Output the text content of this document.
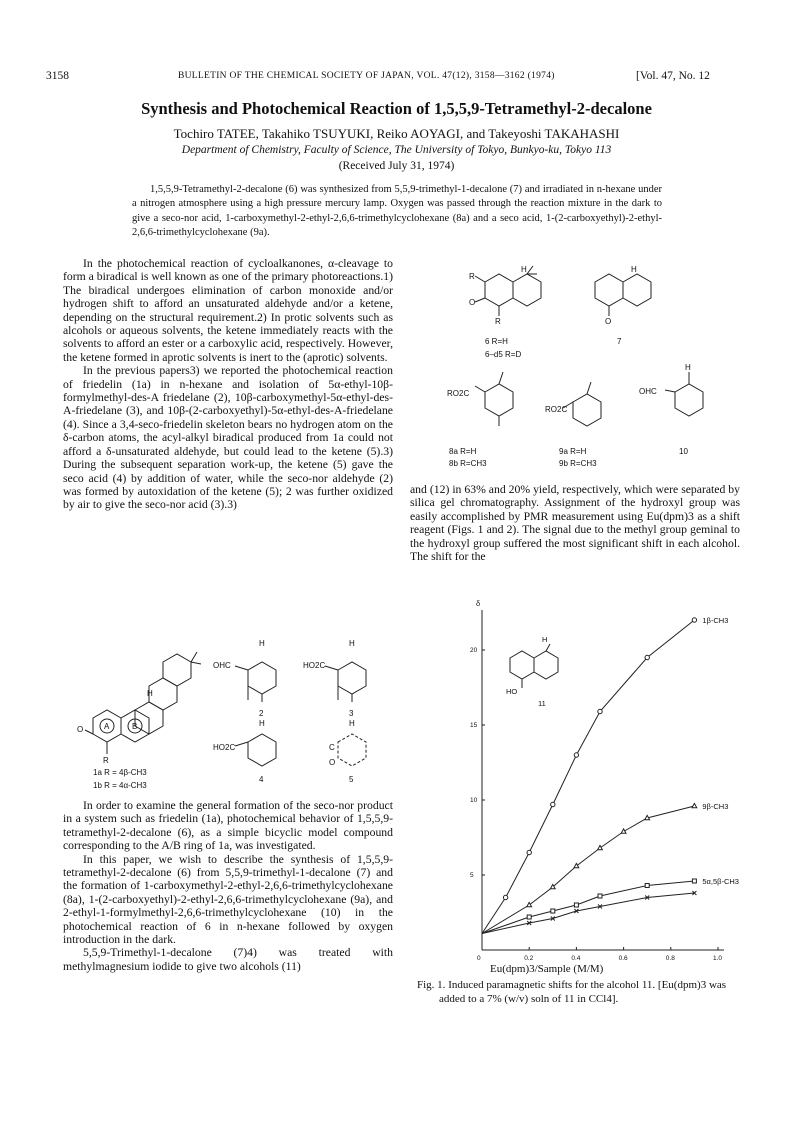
3158	BULLETIN OF THE CHEMICAL SOCIETY OF JAPAN, VOL. 47(12), 3158—3162 (1974)	[Vol. 47, No. 12
Synthesis and Photochemical Reaction of 1,5,5,9-Tetramethyl-2-decalone
Tochiro TATEE, Takahiko TSUYUKI, Reiko AOYAGI, and Takeyoshi TAKAHASHI
Department of Chemistry, Faculty of Science, The University of Tokyo, Bunkyo-ku, Tokyo 113
(Received July 31, 1974)

1,5,5,9-Tetramethyl-2-decalone (6) was synthesized from 5,5,9-trimethyl-1-decalone (7) and irradiated in n-hexane under a nitrogen atmosphere using a high pressure mercury lamp. Oxygen was passed through the reaction mixture in the dark to give a seco-nor acid, 1-carboxymethyl-2-ethyl-2,6,6-trimethylcyclohexane (8a) and a seco acid, 1-(2-carboxyethyl)-2-ethyl-2,6,6-trimethylcyclohexane (9a).

In the photochemical reaction of cycloalkanones, α-cleavage to form a biradical is well known as one of the primary photoreactions.1) The biradical undergoes elimination of carbon monoxide and/or hydrogen shift to afford an unsaturated aldehyde and/or a ketene, depending on the structural requirement.2) In protic solvents such as alcohols or aqueous solvents, the ketene immediately reacts with the solvents to afford an ester or a carboxylic acid, respectively. However, the ketene formed in aprotic solvents is inert to the (aprotic) solvents.

In the previous papers3) we reported the photochemical reaction of friedelin (1a) in n-hexane and isolation of 5α-ethyl-10β-formylmethyl-des-A friedelane (2), 10β-carboxymethyl-5α-ethyl-des-A-friedelane (3), and 10β-(2-carboxyethyl)-5α-ethyl-des-A-friedelane (4). Since a 3,4-seco-friedelin skeleton bears no hydrogen atom on the δ-carbon atoms, the acyl-alkyl biradical produced from 1a could not afford a δ-unsaturated aldehyde, but could lead to the ketene (5).3) During the subsequent separation work-up, the ketene (5) gave the seco acid (4) by addition of water, while the seco-nor aldehyde (2) was formed by autoxidation of the ketene (5); 2 was further oxidized by air to give the seco-nor acid (3).3)

O	A	B
R
H
1a R = 4β-CH3
1b R = 4α-CH3
H
OHC
2
H
HO2C
3
H
HO2C
4
H
C
O
5

In order to examine the general formation of the seco-nor product in a system such as friedelin (1a), photochemical behavior of 1,5,5,9-tetramethyl-2-decalone (6), as a simple bicyclic model compound corresponding to the A/B ring of 1a, was investigated.

In this paper, we wish to describe the synthesis of 1,5,5,9-tetramethyl-2-decalone (6) from 5,5,9-trimethyl-1-decalone (7) and the formation of 1-carboxymethyl-2-ethyl-2,6,6-trimethylcyclohexane (8a), 1-(2-carboxyethyl)-2-ethyl-2,6,6-trimethylcyclohexane (9a), and 2-ethyl-1-formylmethyl-2,6,6-trimethylcyclohexane (10) in the photochemical reaction of 6 in n-hexane followed by oxygen introduction in the dark.

5,5,9-Trimethyl-1-decalone (7)4) was treated with methylmagnesium iodide to give two alcohols (11)

R
O
R
H
6 R=H
6–d5 R=D
H
O
7
RO2C
RO2C
OHC
H
8a R=H
8b R=CH3
9a R=H
9b R=CH3
10

and (12) in 63% and 20% yield, respectively, which were separated by silica gel chromatography. Assignment of the hydroxyl group was easily accomplished by PMR measurement using Eu(dpm)3 as a shift reagent (Figs. 1 and 2). The signal due to the methyl group geminal to the hydroxyl group suffered the most significant shift in each alcohol. The shift for the

0	0.2	0.4	0.6	0.8	1.0
5
10
15
20
1β-CH3
9β-CH3
5α,5β-CH3
δ
H
HO
11
Eu(dpm)3/Sample (M/M)

Fig. 1. Induced paramagnetic shifts for the alcohol 11. [Eu(dpm)3 was added to a 7% (w/v) soln of 11 in CCl4].
